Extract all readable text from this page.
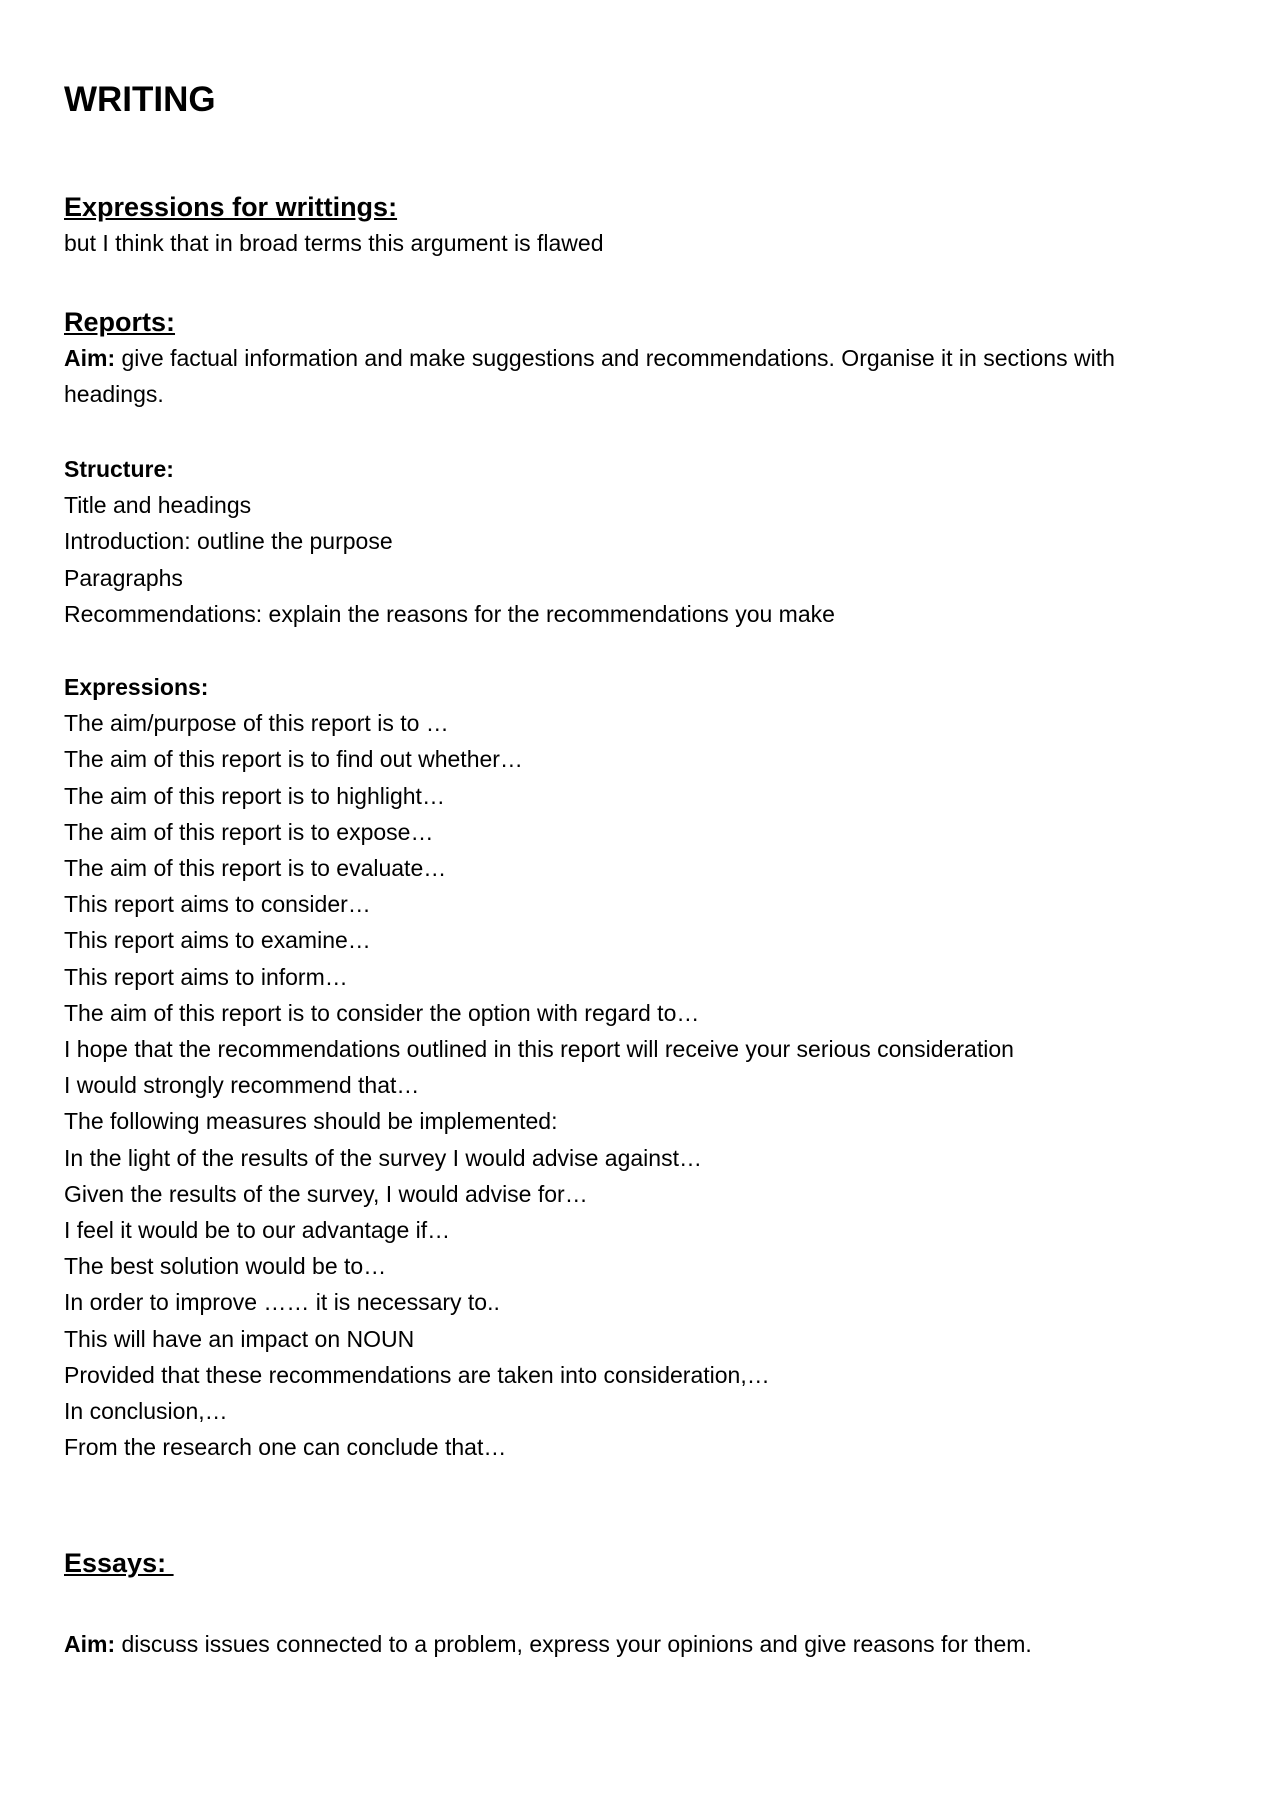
WRITING
Expressions for writtings:

but I think that in broad terms this argument is flawed

Reports:

Aim: give factual information and make suggestions and recommendations. Organise it in sections with headings.

Structure:

Title and headings
Introduction: outline the purpose
Paragraphs
Recommendations: explain the reasons for the recommendations you make

Expressions:

The aim/purpose of this report is to …
The aim of this report is to find out whether…
The aim of this report is to highlight…
The aim of this report is to expose…
The aim of this report is to evaluate…
This report aims to consider…
This report aims to examine…
This report aims to inform…
The aim of this report is to consider the option with regard to…
I hope that the recommendations outlined in this report will receive your serious consideration
I would strongly recommend that…
The following measures should be implemented:
In the light of the results of the survey I would advise against…
Given the results of the survey, I would advise for…
I feel it would be to our advantage if…
The best solution would be to…
In order to improve …… it is necessary to..
This will have an impact on NOUN
Provided that these recommendations are taken into consideration,…
In conclusion,…
From the research one can conclude that…
Essays:

Aim: discuss issues connected to a problem, express your opinions and give reasons for them.
